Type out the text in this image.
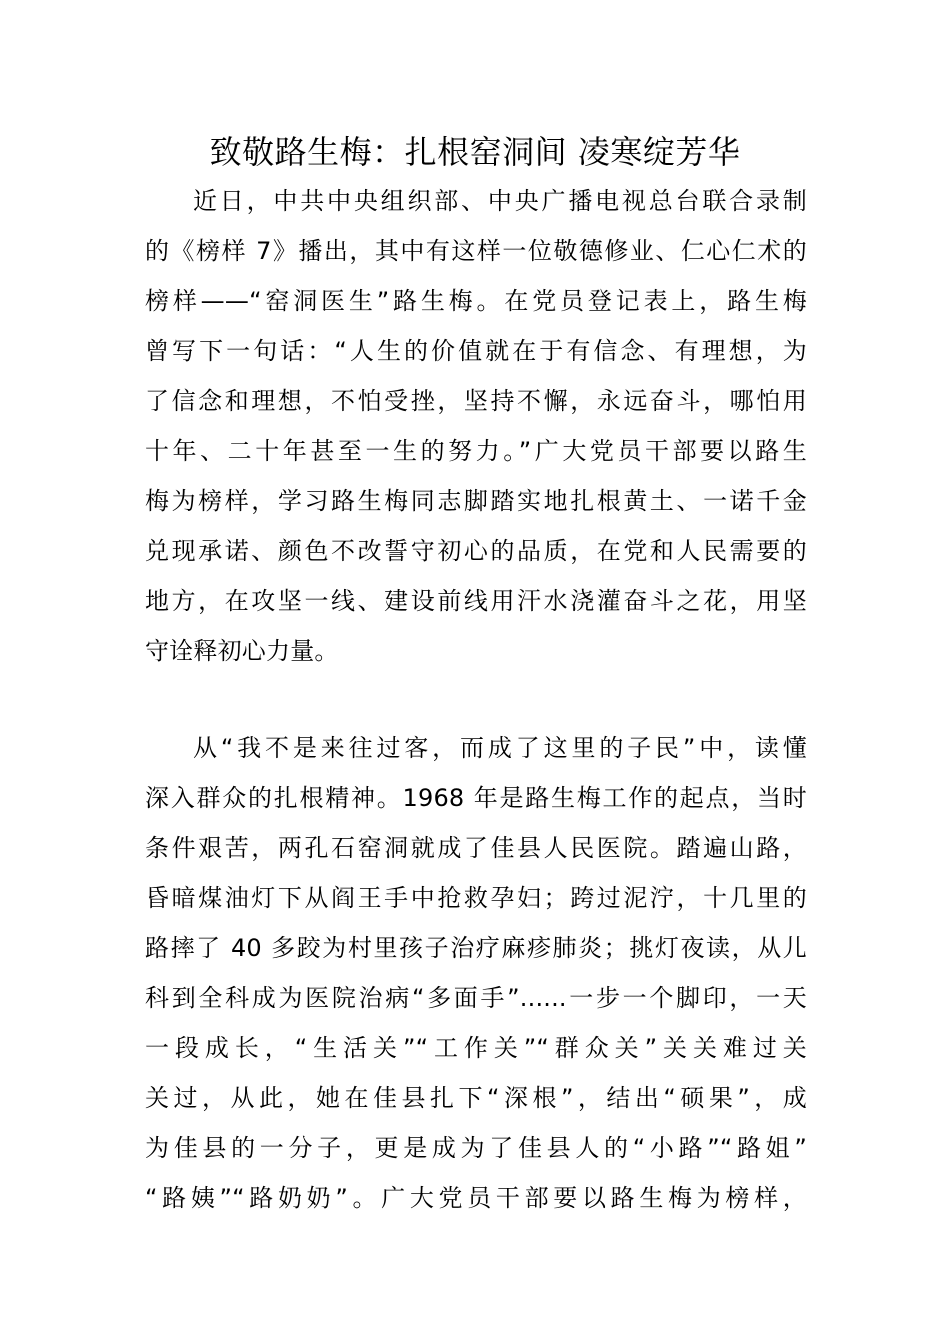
致敬路生梅：扎根窑洞间 凌寒绽芳华
近日，中共中央组织部、中央广播电视总台联合录制
的《榜样 7》播出，其中有这样一位敬德修业、仁心仁术的
榜样——“窑洞医生”路生梅。在党员登记表上，路生梅
曾写下一句话：“人生的价值就在于有信念、有理想，为
了信念和理想，不怕受挫，坚持不懈，永远奋斗，哪怕用
十年、二十年甚至一生的努力。”广大党员干部要以路生
梅为榜样，学习路生梅同志脚踏实地扎根黄土、一诺千金
兑现承诺、颜色不改誓守初心的品质，在党和人民需要的
地方，在攻坚一线、建设前线用汗水浇灌奋斗之花，用坚
守诠释初心力量。
从“我不是来往过客，而成了这里的子民”中，读懂
深入群众的扎根精神。1968 年是路生梅工作的起点，当时
条件艰苦，两孔石窑洞就成了佳县人民医院。踏遍山路，
昏暗煤油灯下从阎王手中抢救孕妇；跨过泥泞，十几里的
路摔了 40 多跤为村里孩子治疗麻疹肺炎；挑灯夜读，从儿
科到全科成为医院治病“多面手”......一步一个脚印，一天
一段成长，“生活关”“工作关”“群众关”关关难过关
关过，从此，她在佳县扎下“深根”，结出“硕果”，成
为佳县的一分子，更是成为了佳县人的“小路”“路姐”
“路姨”“路奶奶”。广大党员干部要以路生梅为榜样，
